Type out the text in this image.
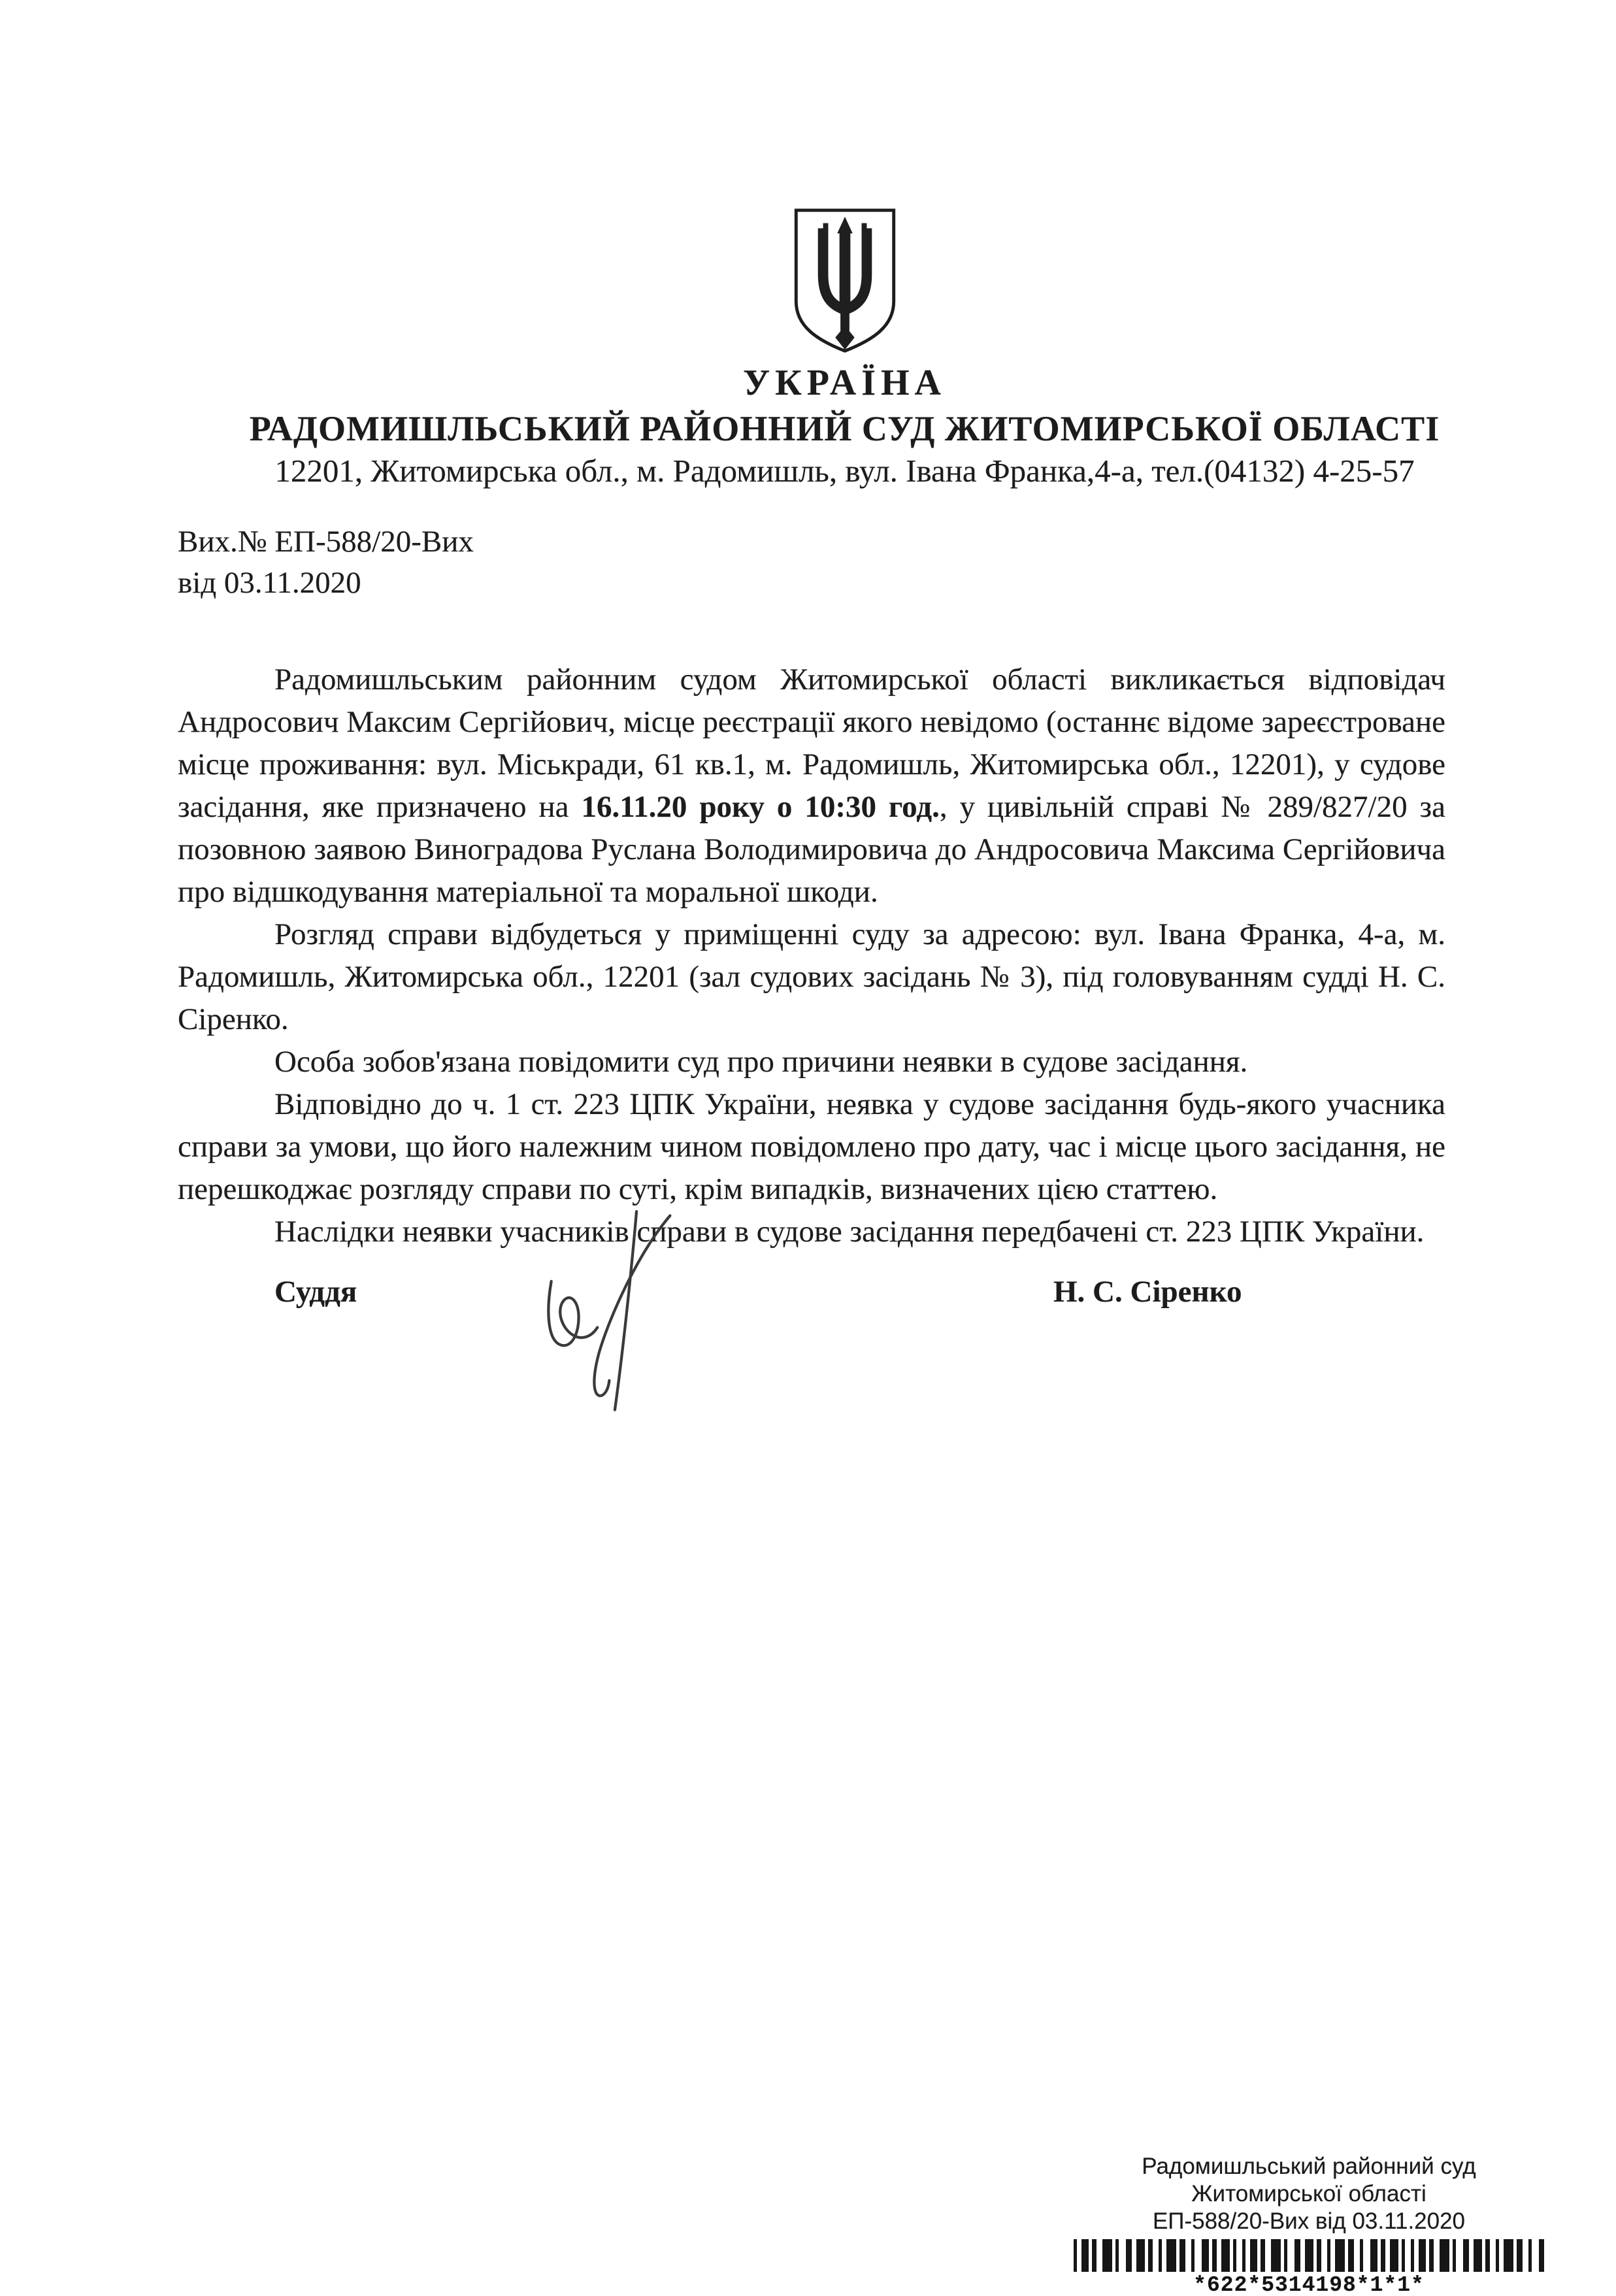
УКРАЇНА
РАДОМИШЛЬСЬКИЙ РАЙОННИЙ СУД ЖИТОМИРСЬКОЇ ОБЛАСТІ
12201, Житомирська обл., м. Радомишль, вул. Івана Франка,4-а, тел.(04132) 4-25-57
Вих.№ ЕП-588/20-Вих
від 03.11.2020

Радомишльським районним судом Житомирської області викликається відповідач Андросович Максим Сергійович, місце реєстрації якого невідомо (останнє відоме зареєстроване місце проживання: вул. Міськради, 61 кв.1, м. Радомишль, Житомирська обл., 12201), у судове засідання, яке призначено на 16.11.20 року о 10:30 год., у цивільній справі № 289/827/20 за позовною заявою Виноградова Руслана Володимировича до Андросовича Максима Сергійовича про відшкодування матеріальної та моральної шкоди.

Розгляд справи відбудеться у приміщенні суду за адресою: вул. Івана Франка, 4-а, м. Радомишль, Житомирська обл., 12201 (зал судових засідань № 3), під головуванням судді Н. С. Сіренко.

Особа зобов'язана повідомити суд про причини неявки в судове засідання.

Відповідно до ч. 1 ст. 223 ЦПК України, неявка у судове засідання будь-якого учасника справи за умови, що його належним чином повідомлено про дату, час і місце цього засідання, не перешкоджає розгляду справи по суті, крім випадків, визначених цією статтею.

Наслідки неявки учасників справи в судове засідання передбачені ст. 223 ЦПК України.

Суддя	Н. С. Сіренко
Радомишльський районний суд
Житомирської області
ЕП-588/20-Вих від 03.11.2020
*622*5314198*1*1*
